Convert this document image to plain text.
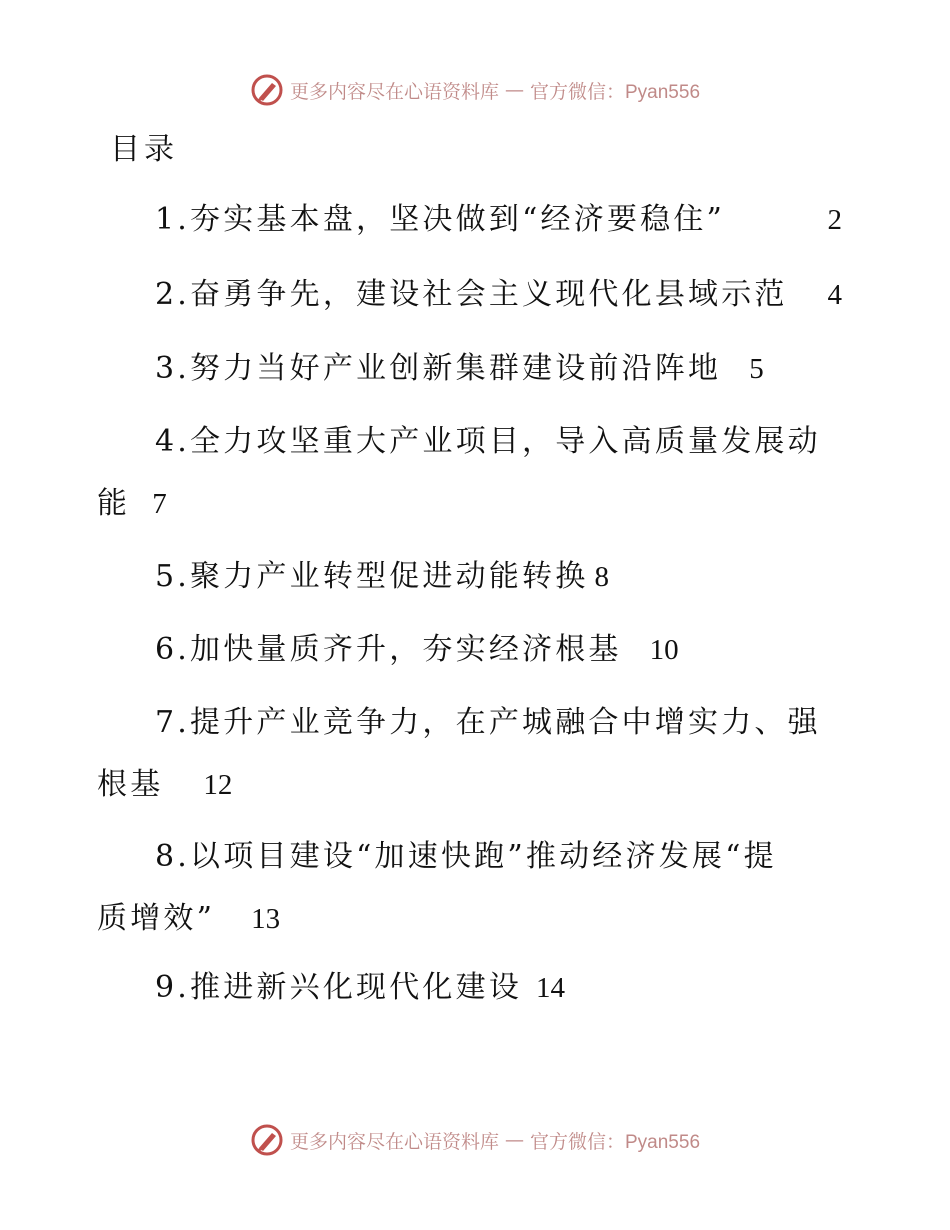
更多内容尽在心语资料库 — 官方微信：Pyan556
目录
1.夯实基本盘，坚决做到“经济要稳住”	2
2.奋勇争先，建设社会主义现代化县域示范 4
3.努力当好产业创新集群建设前沿阵地 5
4.全力攻坚重大产业项目，导入高质量发展动
能 7
5.聚力产业转型促进动能转换 8
6.加快量质齐升，夯实经济根基 10
7.提升产业竞争力，在产城融合中增实力、强
根基 12
8.以项目建设“加速快跑”推动经济发展“提
质增效” 13
9.推进新兴化现代化建设 14
更多内容尽在心语资料库 — 官方微信：Pyan556
